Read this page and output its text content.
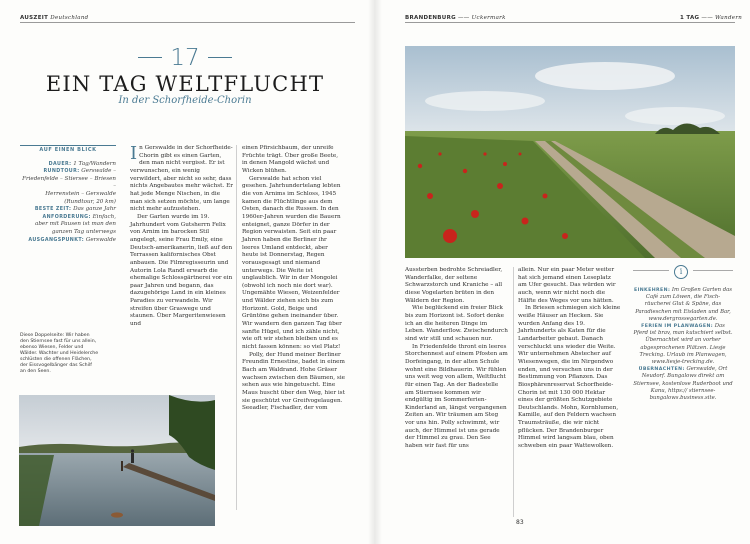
AUSZEIT Deutschland
17
EIN TAG WELTFLUCHT
In der Schorfheide-Chorin
AUF EINEN BLICK
DAUER: 1 Tag/Wandern
RUNDTOUR: Gerswalde –
Friedenfelde – Stiersee – Briesen –
Herrenstein – Gerswalde
(Rundtour, 20 km)
BESTE ZEIT: Das ganze Jahr
ANFORDERUNG: Einfach,
aber mit Pausen ist man den
ganzen Tag unterwegs
AUSGANGSPUNKT: Gerswalde
Diese Doppelseite: Wir haben
den Stiernsee fast für uns allein,
ebenso Wiesen, Felder und
Wälder. Wachter und Heidelerche
schlüsten die offenen Flächen,
der Eissvogelbänger das Schilf
an den Seen.

In Gerswalde in der Schorfheide-Chorin gibt es einen Garten, den man nicht vergisst. Er ist verwunschen, ein wenig verwildert, aber nicht so sehr, dass nichts Angebautes mehr wächst. Er hat jede Menge Nischen, in die man sich setzen möchte, um lange nicht mehr aufzustehen.

Der Garten wurde im 19. Jahrhundert vom Gutsherrn Felix von Arnim im barocken Stil angelegt, seine Frau Emily, eine Deutsch-amerikanerin, ließ auf den Terrassen kalifornisches Obst anbauen. Die Filmregisseurin und Autorin Lola Randl erwarb die ehemalige Schlossgärtnerei vor ein paar Jahren und begann, das dazugehörige Land in ein kleines Paradies zu verwandeln. Wir streifen über Graswege und staunen. Über Margeritenwiesen und

einen Pfirsichbaum, der unreife Früchte trägt. Über große Beete, in denen Mangold wächst und Wicken blühen.

Gerswalde hat schon viel gesehen. Jahrhundertelang lebten die von Arnims im Schloss, 1945 kamen die Flüchtlinge aus dem Osten, danach die Russen. In den 1960er-Jahren wurden die Bauern enteignet, ganze Dörfer in der Region verwaisten. Seit ein paar Jahren haben die Berliner ihr leeres Umland entdeckt, aber heute ist Donnerstag, Regen vorausgesagt und niemand unterwegs. Die Weite ist unglaublich. Wir in der Mongolei (obwohl ich noch nie dort war). Ungemähte Wiesen, Weizenfelder und Wälder ziehen sich bis zum Horizont. Gold, Beige und Grüntöne gehen ineinander über. Wir wandern den ganzen Tag über sanfte Hügel, und ich zähle nicht, wie oft wir stehen bleiben und es nicht fassen können: so viel Platz!

Polly, der Hund meiner Berliner Freundin Ernestine, badet in einem Bach am Waldrand. Hohe Gräser wachsen zwischen den Bäumen, sie sehen aus wie hingetuscht. Eine Maus huscht über den Weg, hier ist sie geschützt vor Greifvogelaugen. Seeadler, Fischadler, der vom

BRANDENBURG —— Uckermark	1 TAG —— Wandern

Aussterben bedrohte Schreiadler, Wanderfalke, der seltene Schwarzstorch und Kraniche – all diese Vogelarten brüten in den Wäldern der Region.

Wie beglückend ein freier Blick bis zum Horizont ist. Sofort denke ich an die heiteren Dinge im Leben. Wanderflow. Zwischendurch sind wir still und schauen nur.

In Friedenfelde thront ein leeres Storchennest auf einem Pfosten am Dorfeingang, in der alten Schule wohnt eine Bildhauerin. Wir fühlen uns weit weg von allem, Weltflucht für einen Tag. An der Badestelle am Stiernsee kommen wir endgültig im Sommerferien-Kinderland an, längst vergangenen Zeiten an. Wir träumen am Steg vor uns hin. Polly schwimmt, wir auch, der Himmel ist uns gerade der Himmel zu grau. Den See haben wir fast für uns

allein. Nur ein paar Meter weiter hat sich jemand einen Leseplatz am Ufer gesucht. Das würden wir auch, wenn wir nicht noch die Hälfte des Weges vor uns hätten.

In Briesen schmiegen sich kleine weiße Häuser an Hecken. Sie wurden Anfang des 19. Jahrhunderts als Katen für die Landarbeiter gebaut. Danach verschluckt uns wieder die Weite. Wir unternehmen Abstecher auf Wiesenwegen, die im Nirgendwo enden, und versuchen uns in der Bestimmung von Pflanzen. Das Biosphärenreservat Schorfheide-Chorin ist mit 130 000 Hektar eines der größten Schutzgebiete Deutschlands. Mohn, Kornblumen, Kamille, auf den Feldern wachsen Traumsträuße, die wir nicht pflücken. Der Brandenburger Himmel wird langsam blau, oben schweben ein paar Wattewolken.

i
EINKEHREN: Im Großen Garten das Café zum Löwen, die Fisch-räucherei Glut & Späne, das Paradieschen mit Eisladen und Bar, www.dergrossegarten.de.
FERIEN IM PLANWAGEN: Das Pferd ist brav, man kutschiert selbst. Übernachtet wird an vorher abgesprochenen Plätzen. Liesje Trecking. Urlaub im Planwagen, www.liesje-trecking.de.
ÜBERNACHTEN: Gerswalde, Ort Neudorf. Bungalows direkt am Stiernsee, kostenlose Ruderboot und Kanu, https:// stiernsee-bungalows.business.site.
83
